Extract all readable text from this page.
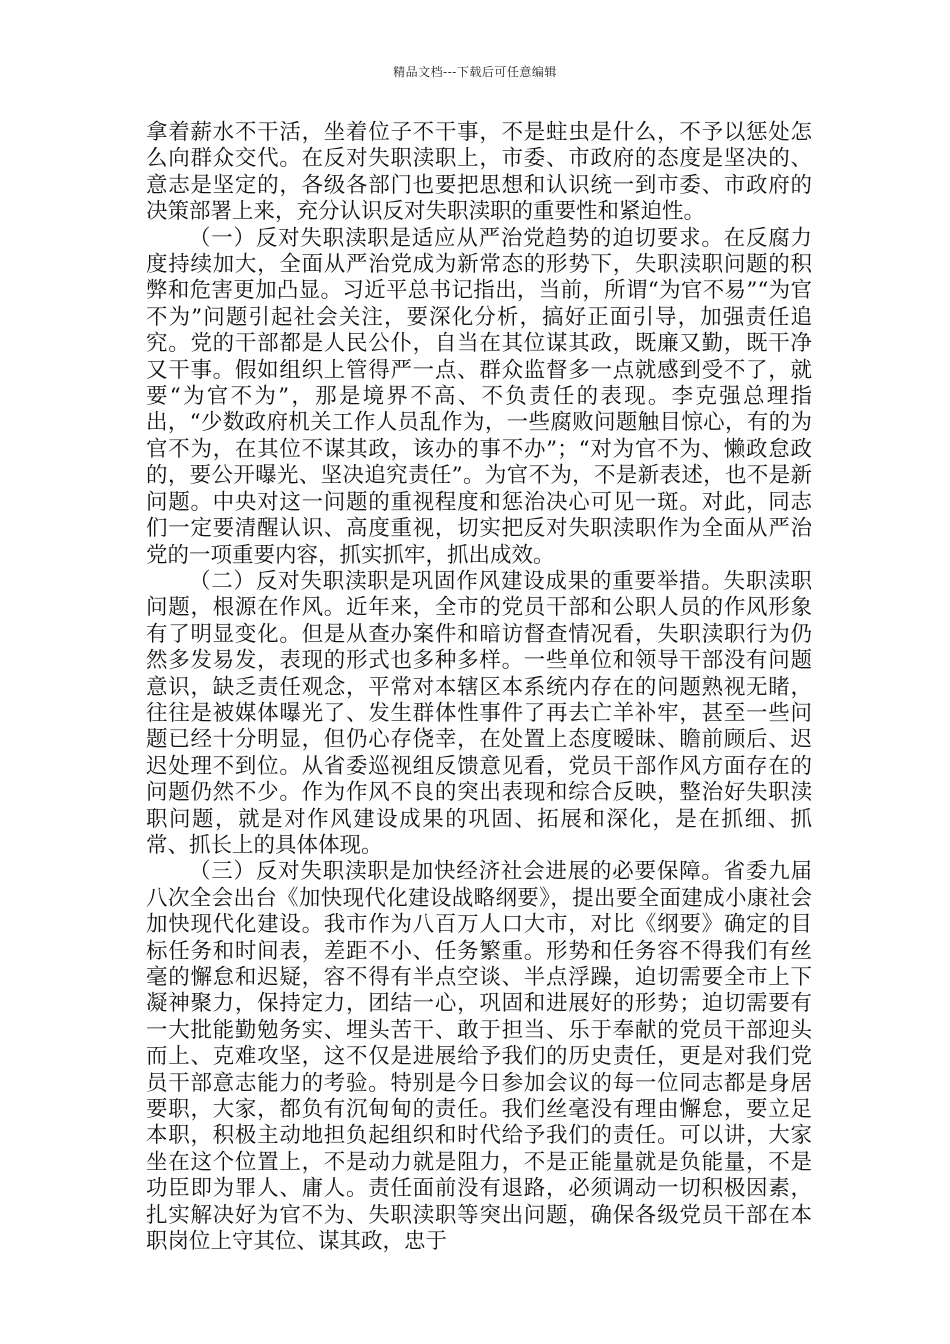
精品文档---下载后可任意编辑

拿着薪水不干活，坐着位子不干事，不是蛀虫是什么，不予以惩处怎么向群众交代。在反对失职渎职上，市委、市政府的态度是坚决的、意志是坚定的，各级各部门也要把思想和认识统一到市委、市政府的决策部署上来，充分认识反对失职渎职的重要性和紧迫性。

（一）反对失职渎职是适应从严治党趋势的迫切要求。在反腐力度持续加大，全面从严治党成为新常态的形势下，失职渎职问题的积弊和危害更加凸显。习近平总书记指出，当前，所谓“为官不易”“为官不为”问题引起社会关注，要深化分析，搞好正面引导，加强责任追究。党的干部都是人民公仆，自当在其位谋其政，既廉又勤，既干净又干事。假如组织上管得严一点、群众监督多一点就感到受不了，就要“为官不为”，那是境界不高、不负责任的表现。李克强总理指出，“少数政府机关工作人员乱作为，一些腐败问题触目惊心，有的为官不为，在其位不谋其政，该办的事不办”；“对为官不为、懒政怠政的，要公开曝光、坚决追究责任”。为官不为，不是新表述，也不是新问题。中央对这一问题的重视程度和惩治决心可见一斑。对此，同志们一定要清醒认识、高度重视，切实把反对失职渎职作为全面从严治党的一项重要内容，抓实抓牢，抓出成效。

（二）反对失职渎职是巩固作风建设成果的重要举措。失职渎职问题，根源在作风。近年来，全市的党员干部和公职人员的作风形象有了明显变化。但是从查办案件和暗访督查情况看，失职渎职行为仍然多发易发，表现的形式也多种多样。一些单位和领导干部没有问题意识，缺乏责任观念，平常对本辖区本系统内存在的问题熟视无睹，往往是被媒体曝光了、发生群体性事件了再去亡羊补牢，甚至一些问题已经十分明显，但仍心存侥幸，在处置上态度暧昧、瞻前顾后、迟迟处理不到位。从省委巡视组反馈意见看，党员干部作风方面存在的问题仍然不少。作为作风不良的突出表现和综合反映，整治好失职渎职问题，就是对作风建设成果的巩固、拓展和深化，是在抓细、抓常、抓长上的具体体现。

（三）反对失职渎职是加快经济社会进展的必要保障。省委九届八次全会出台《加快现代化建设战略纲要》，提出要全面建成小康社会加快现代化建设。我市作为八百万人口大市，对比《纲要》确定的目标任务和时间表，差距不小、任务繁重。形势和任务容不得我们有丝毫的懈怠和迟疑，容不得有半点空谈、半点浮躁，迫切需要全市上下凝神聚力，保持定力，团结一心，巩固和进展好的形势；迫切需要有一大批能勤勉务实、埋头苦干、敢于担当、乐于奉献的党员干部迎头而上、克难攻坚，这不仅是进展给予我们的历史责任，更是对我们党员干部意志能力的考验。特别是今日参加会议的每一位同志都是身居要职，大家，都负有沉甸甸的责任。我们丝毫没有理由懈怠，要立足本职，积极主动地担负起组织和时代给予我们的责任。可以讲，大家坐在这个位置上，不是动力就是阻力，不是正能量就是负能量，不是功臣即为罪人、庸人。责任面前没有退路，必须调动一切积极因素，扎实解决好为官不为、失职渎职等突出问题，确保各级党员干部在本职岗位上守其位、谋其政，忠于
